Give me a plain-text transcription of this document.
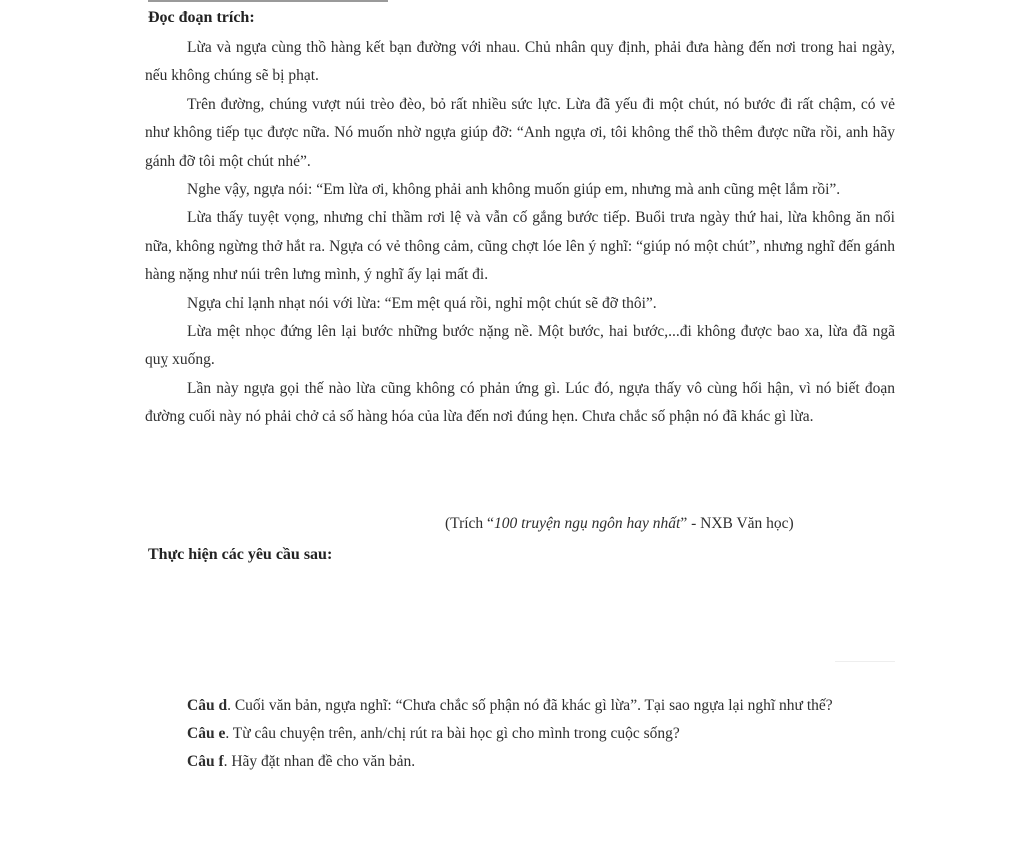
Đọc đoạn trích:

Lừa và ngựa cùng thồ hàng kết bạn đường với nhau. Chủ nhân quy định, phải đưa hàng đến nơi trong hai ngày, nếu không chúng sẽ bị phạt.

Trên đường, chúng vượt núi trèo đèo, bỏ rất nhiều sức lực. Lừa đã yếu đi một chút, nó bước đi rất chậm, có vẻ như không tiếp tục được nữa. Nó muốn nhờ ngựa giúp đỡ: “Anh ngựa ơi, tôi không thể thồ thêm được nữa rồi, anh hãy gánh đỡ tôi một chút nhé”.

Nghe vậy, ngựa nói: “Em lừa ơi, không phải anh không muốn giúp em, nhưng mà anh cũng mệt lắm rồi”.

Lừa thấy tuyệt vọng, nhưng chỉ thầm rơi lệ và vẫn cố gắng bước tiếp. Buổi trưa ngày thứ hai, lừa không ăn nổi nữa, không ngừng thở hắt ra. Ngựa có vẻ thông cảm, cũng chợt lóe lên ý nghĩ: “giúp nó một chút”, nhưng nghĩ đến gánh hàng nặng như núi trên lưng mình, ý nghĩ ấy lại mất đi.

Ngựa chỉ lạnh nhạt nói với lừa: “Em mệt quá rồi, nghỉ một chút sẽ đỡ thôi”.

Lừa mệt nhọc đứng lên lại bước những bước nặng nề. Một bước, hai bước,...đi không được bao xa, lừa đã ngã quỵ xuống.

Lần này ngựa gọi thế nào lừa cũng không có phản ứng gì. Lúc đó, ngựa thấy vô cùng hối hận, vì nó biết đoạn đường cuối này nó phải chở cả số hàng hóa của lừa đến nơi đúng hẹn. Chưa chắc số phận nó đã khác gì lừa.

(Trích “100 truyện ngụ ngôn hay nhất” - NXB Văn học)

Thực hiện các yêu cầu sau:

Câu d. Cuối văn bản, ngựa nghĩ: “Chưa chắc số phận nó đã khác gì lừa”. Tại sao ngựa lại nghĩ như thế?

Câu e. Từ câu chuyện trên, anh/chị rút ra bài học gì cho mình trong cuộc sống?

Câu f. Hãy đặt nhan đề cho văn bản.
